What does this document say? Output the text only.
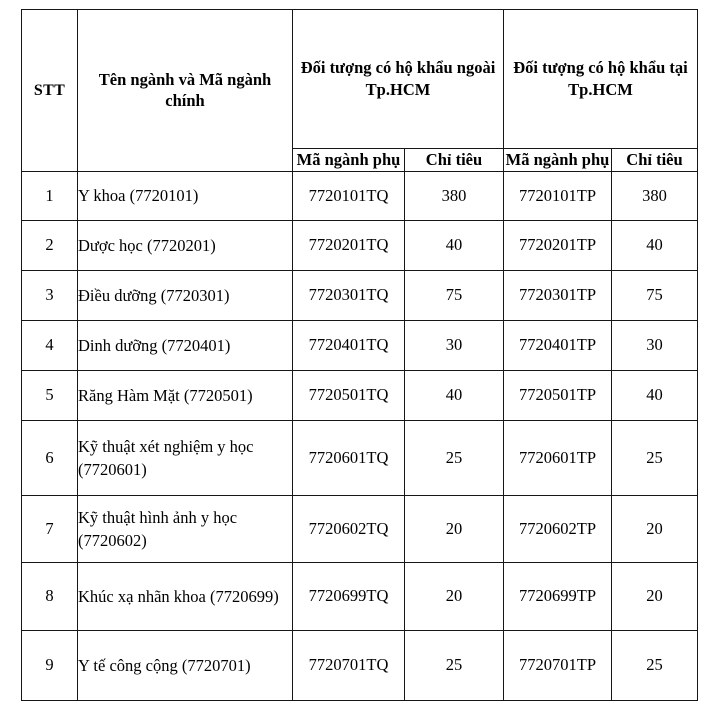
STT	Tên ngành và Mã ngành chính	Đối tượng có hộ khẩu ngoài Tp.HCM		Đối tượng có hộ khẩu tại Tp.HCM	
		Mã ngành phụ	Chỉ tiêu	Mã ngành phụ	Chỉ tiêu
1	Y khoa (7720101)	7720101TQ	380	7720101TP	380
2	Dược học (7720201)	7720201TQ	40	7720201TP	40
3	Điều dưỡng (7720301)	7720301TQ	75	7720301TP	75
4	Dinh dưỡng (7720401)	7720401TQ	30	7720401TP	30
5	Răng Hàm Mặt (7720501)	7720501TQ	40	7720501TP	40
6	Kỹ thuật xét nghiệm y học (7720601)	7720601TQ	25	7720601TP	25
7	Kỹ thuật hình ảnh y học (7720602)	7720602TQ	20	7720602TP	20
8	Khúc xạ nhãn khoa (7720699)	7720699TQ	20	7720699TP	20
9	Y tế công cộng (7720701)	7720701TQ	25	7720701TP	25
